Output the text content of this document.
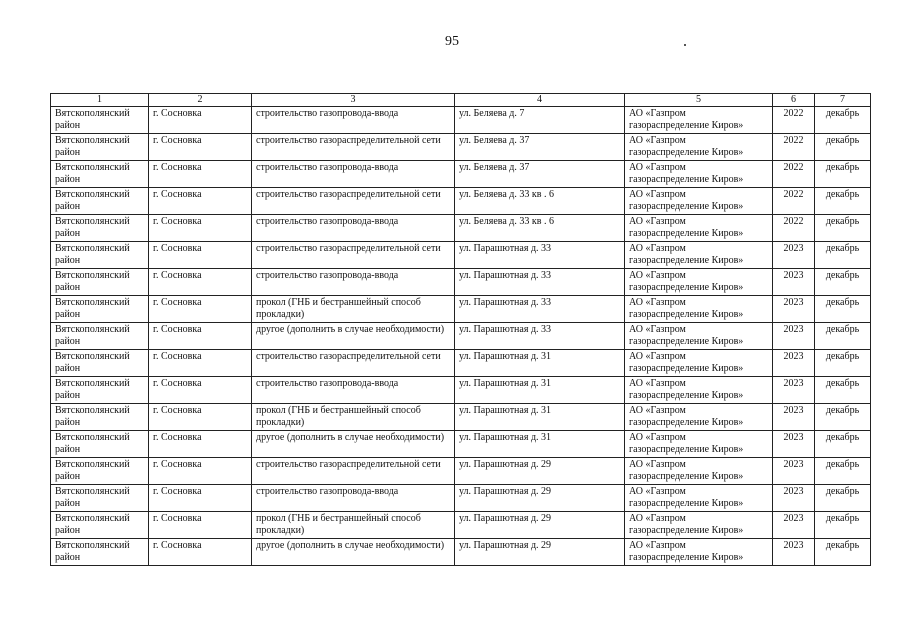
95
1	2	3	4	5	6	7
Вятскополянский район	г. Сосновка	строительство газопровода-ввода	ул. Беляева д. 7	АО «Газпром газораспределение Киров»	2022	декабрь
Вятскополянский район	г. Сосновка	строительство газораспределительной сети	ул. Беляева д. 37	АО «Газпром газораспределение Киров»	2022	декабрь
Вятскополянский район	г. Сосновка	строительство газопровода-ввода	ул. Беляева д. 37	АО «Газпром газораспределение Киров»	2022	декабрь
Вятскополянский район	г. Сосновка	строительство газораспределительной сети	ул. Беляева д. 33 кв . 6	АО «Газпром газораспределение Киров»	2022	декабрь
Вятскополянский район	г. Сосновка	строительство газопровода-ввода	ул. Беляева д. 33 кв . 6	АО «Газпром газораспределение Киров»	2022	декабрь
Вятскополянский район	г. Сосновка	строительство газораспределительной сети	ул. Парашютная д. 33	АО «Газпром газораспределение Киров»	2023	декабрь
Вятскополянский район	г. Сосновка	строительство газопровода-ввода	ул. Парашютная д. 33	АО «Газпром газораспределение Киров»	2023	декабрь
Вятскополянский район	г. Сосновка	прокол (ГНБ и бестраншейный способ прокладки)	ул. Парашютная д. 33	АО «Газпром газораспределение Киров»	2023	декабрь
Вятскополянский район	г. Сосновка	другое (дополнить в случае необходимости)	ул. Парашютная д. 33	АО «Газпром газораспределение Киров»	2023	декабрь
Вятскополянский район	г. Сосновка	строительство газораспределительной сети	ул. Парашютная д. 31	АО «Газпром газораспределение Киров»	2023	декабрь
Вятскополянский район	г. Сосновка	строительство газопровода-ввода	ул. Парашютная д. 31	АО «Газпром газораспределение Киров»	2023	декабрь
Вятскополянский район	г. Сосновка	прокол (ГНБ и бестраншейный способ прокладки)	ул. Парашютная д. 31	АО «Газпром газораспределение Киров»	2023	декабрь
Вятскополянский район	г. Сосновка	другое (дополнить в случае необходимости)	ул. Парашютная д. 31	АО «Газпром газораспределение Киров»	2023	декабрь
Вятскополянский район	г. Сосновка	строительство газораспределительной сети	ул. Парашютная д. 29	АО «Газпром газораспределение Киров»	2023	декабрь
Вятскополянский район	г. Сосновка	строительство газопровода-ввода	ул. Парашютная д. 29	АО «Газпром газораспределение Киров»	2023	декабрь
Вятскополянский район	г. Сосновка	прокол (ГНБ и бестраншейный способ прокладки)	ул. Парашютная д. 29	АО «Газпром газораспределение Киров»	2023	декабрь
Вятскополянский район	г. Сосновка	другое (дополнить в случае необходимости)	ул. Парашютная д. 29	АО «Газпром газораспределение Киров»	2023	декабрь
